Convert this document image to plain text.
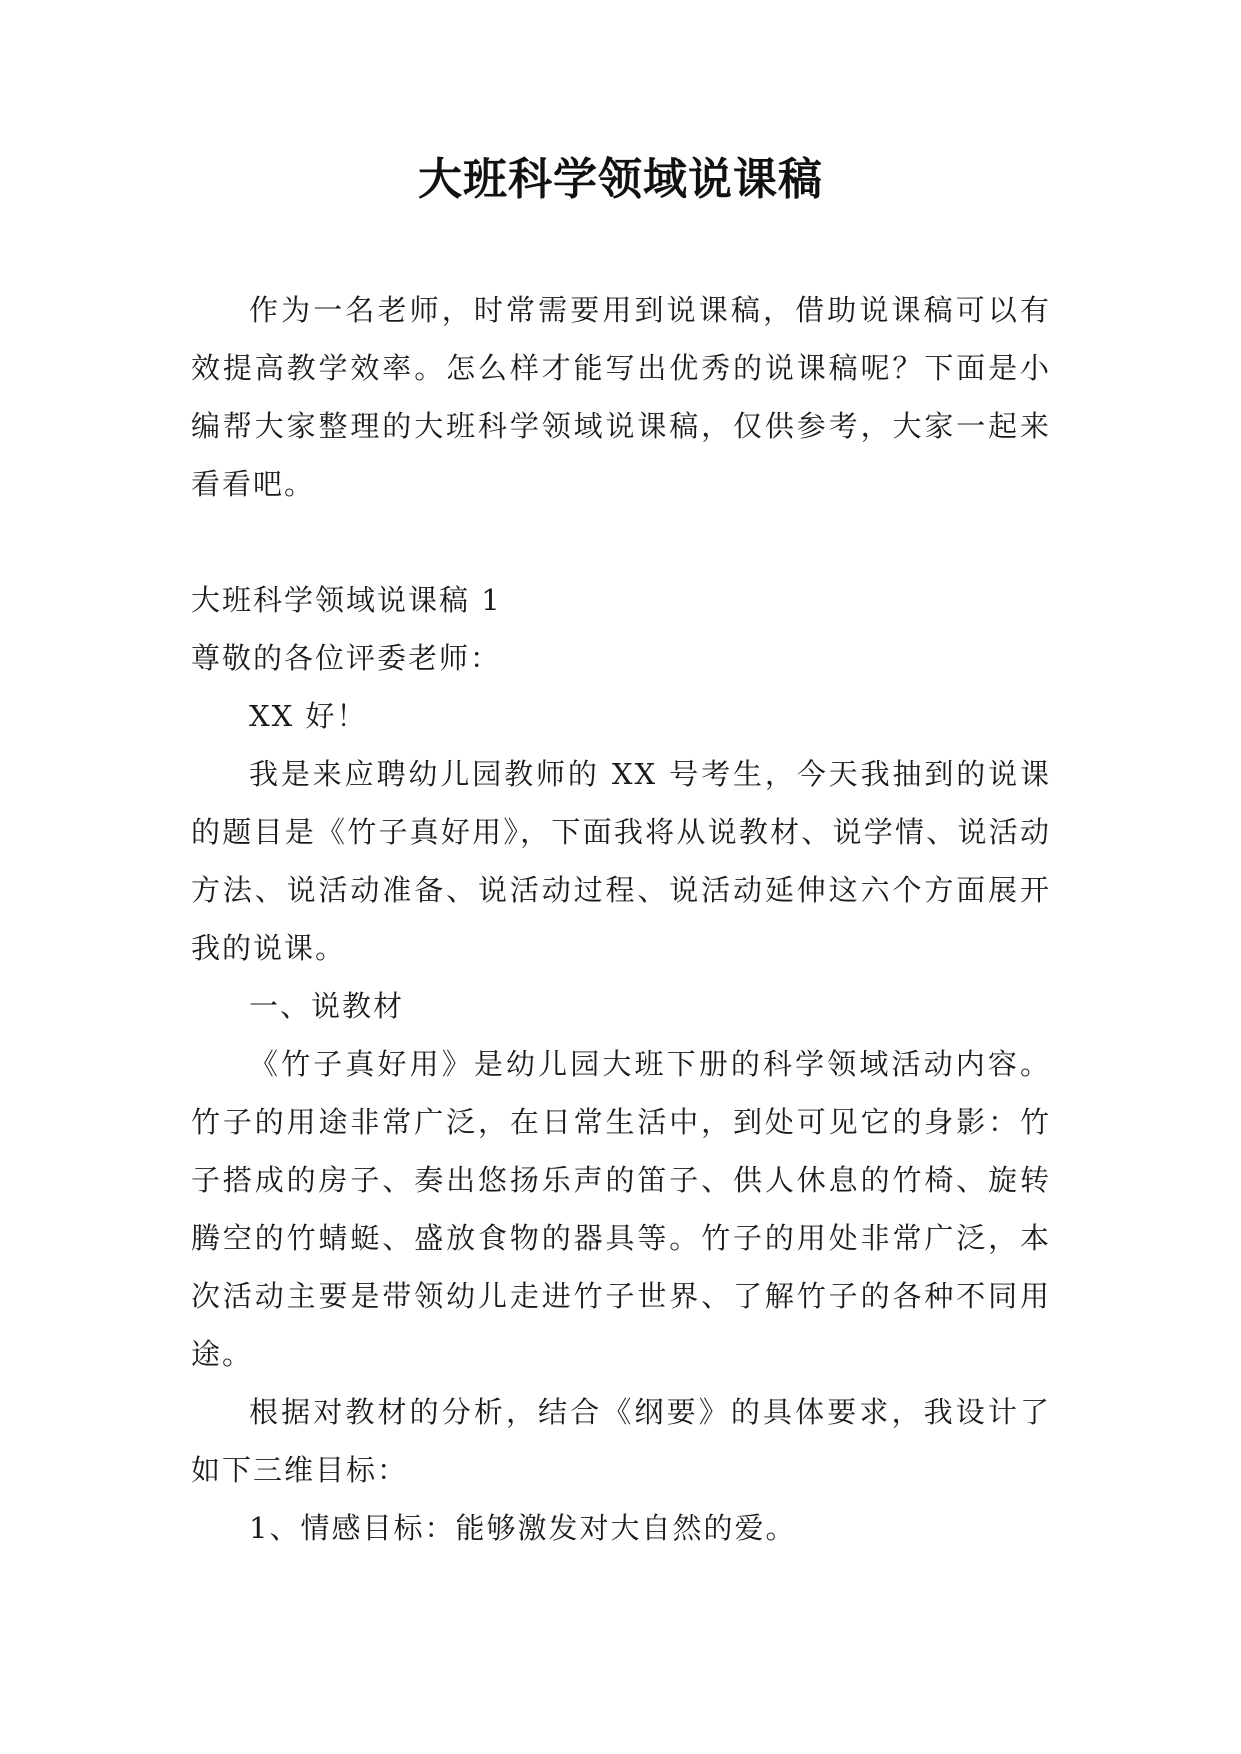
大班科学领域说课稿

作为一名老师，时常需要用到说课稿，借助说课稿可以有效提高教学效率。怎么样才能写出优秀的说课稿呢？下面是小编帮大家整理的大班科学领域说课稿，仅供参考，大家一起来看看吧。

大班科学领域说课稿 1

尊敬的各位评委老师：

XX 好！

我是来应聘幼儿园教师的 XX 号考生，今天我抽到的说课的题目是《竹子真好用》，下面我将从说教材、说学情、说活动方法、说活动准备、说活动过程、说活动延伸这六个方面展开我的说课。

一、说教材

《竹子真好用》是幼儿园大班下册的科学领域活动内容。竹子的用途非常广泛，在日常生活中，到处可见它的身影：竹子搭成的房子、奏出悠扬乐声的笛子、供人休息的竹椅、旋转腾空的竹蜻蜓、盛放食物的器具等。竹子的用处非常广泛，本次活动主要是带领幼儿走进竹子世界、了解竹子的各种不同用途。

根据对教材的分析，结合《纲要》的具体要求，我设计了如下三维目标：

1、情感目标：能够激发对大自然的爱。
